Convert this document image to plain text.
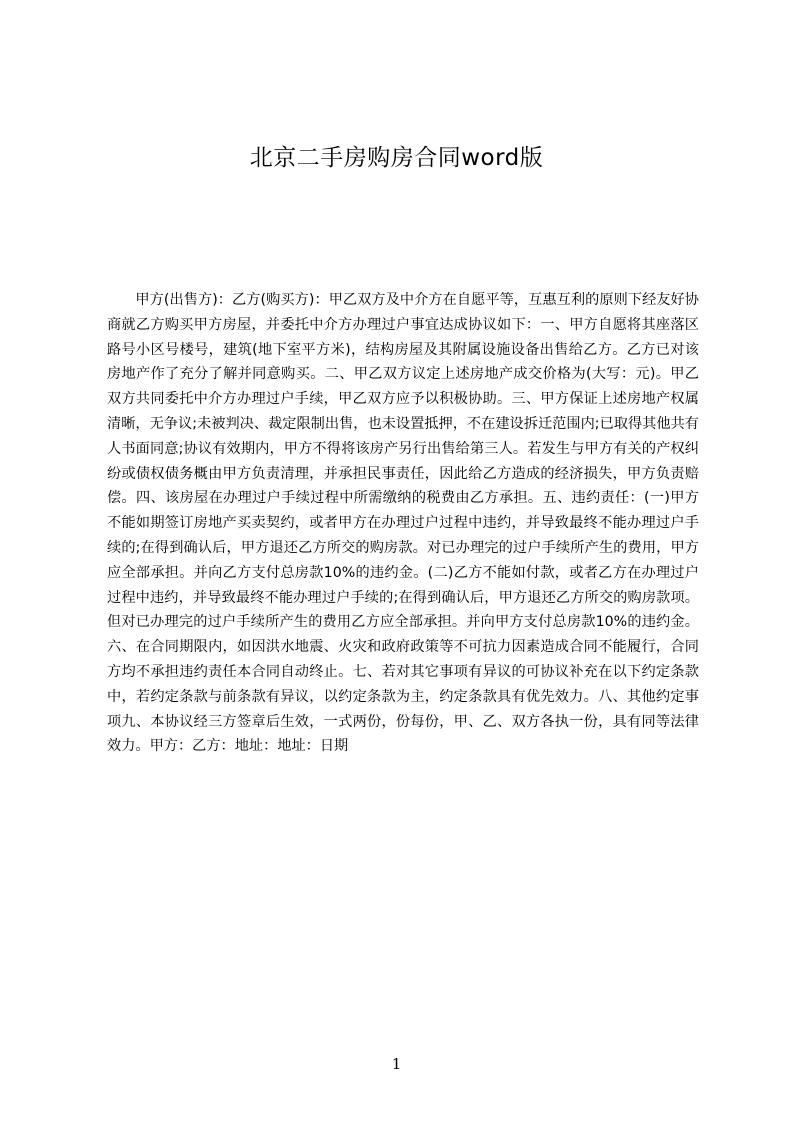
北京二手房购房合同word版

甲方(出售方)：乙方(购买方)：甲乙双方及中介方在自愿平等，互惠互利的原则下经友好协商就乙方购买甲方房屋，并委托中介方办理过户事宜达成协议如下：一、甲方自愿将其座落区路号小区号楼号，建筑(地下室平方米)，结构房屋及其附属设施设备出售给乙方。乙方已对该房地产作了充分了解并同意购买。二、甲乙双方议定上述房地产成交价格为(大写：元)。甲乙双方共同委托中介方办理过户手续，甲乙双方应予以积极协助。三、甲方保证上述房地产权属清晰，无争议;未被判决、裁定限制出售，也未设置抵押，不在建设拆迁范围内;已取得其他共有人书面同意;协议有效期内，甲方不得将该房产另行出售给第三人。若发生与甲方有关的产权纠纷或债权债务概由甲方负责清理，并承担民事责任，因此给乙方造成的经济损失，甲方负责赔偿。四、该房屋在办理过户手续过程中所需缴纳的税费由乙方承担。五、违约责任：(一)甲方不能如期签订房地产买卖契约，或者甲方在办理过户过程中违约，并导致最终不能办理过户手续的;在得到确认后，甲方退还乙方所交的购房款。对已办理完的过户手续所产生的费用，甲方应全部承担。并向乙方支付总房款10%的违约金。(二)乙方不能如付款，或者乙方在办理过户过程中违约，并导致最终不能办理过户手续的;在得到确认后，甲方退还乙方所交的购房款项。但对已办理完的过户手续所产生的费用乙方应全部承担。并向甲方支付总房款10%的违约金。六、在合同期限内，如因洪水地震、火灾和政府政策等不可抗力因素造成合同不能履行，合同方均不承担违约责任本合同自动终止。七、若对其它事项有异议的可协议补充在以下约定条款中，若约定条款与前条款有异议，以约定条款为主，约定条款具有优先效力。八、其他约定事项九、本协议经三方签章后生效，一式两份，份每份，甲、乙、双方各执一份，具有同等法律效力。甲方：乙方：地址：地址：日期

1
